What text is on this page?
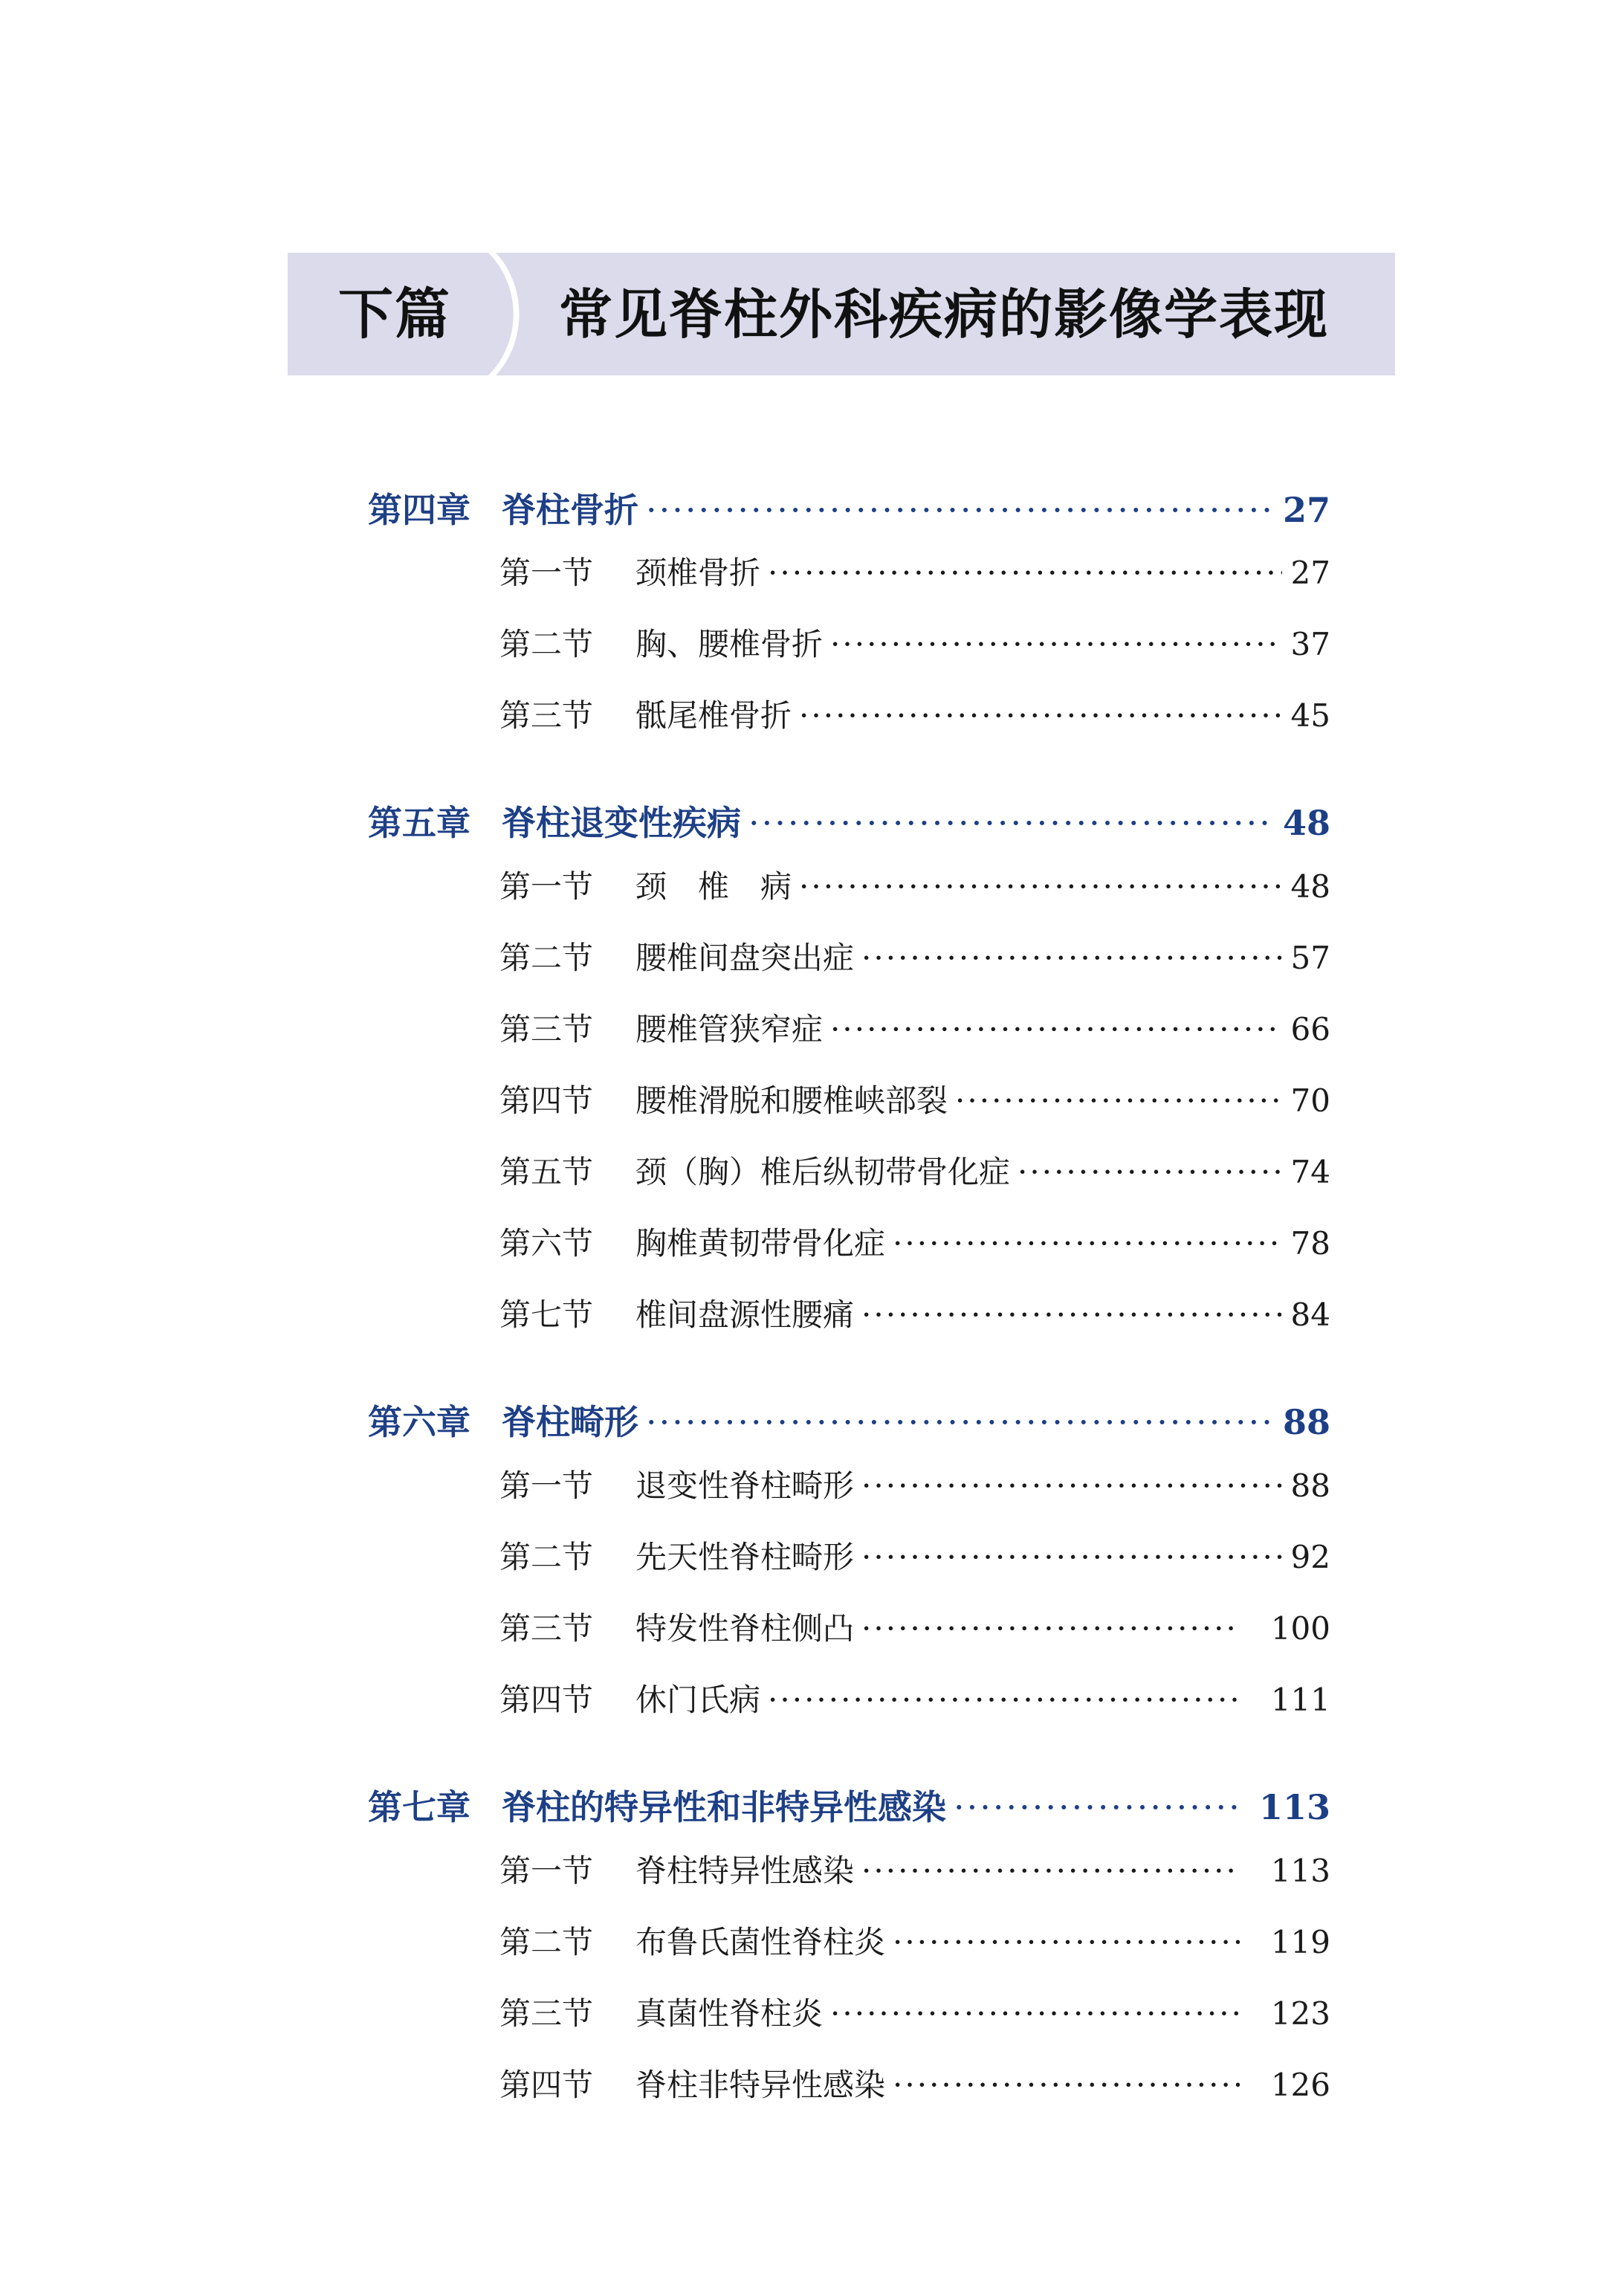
下篇 常见脊柱外科疾病的影像学表现
第四章 脊柱骨折 ·····	27
第一节	颈椎骨折 ·····	27
第二节	胸、腰椎骨折 ·····	37
第三节	骶尾椎骨折 ·····	45
第五章 脊柱退变性疾病 ·····	48
第一节	颈　椎　病 ·····	48
第二节	腰椎间盘突出症 ·····	57
第三节	腰椎管狭窄症 ·····	66
第四节	腰椎滑脱和腰椎峡部裂 ·····	70
第五节	颈（胸）椎后纵韧带骨化症 ·····	74
第六节	胸椎黄韧带骨化症 ·····	78
第七节	椎间盘源性腰痛 ·····	84
第六章 脊柱畸形 ·····	88
第一节	退变性脊柱畸形 ·····	88
第二节	先天性脊柱畸形 ·····	92
第三节	特发性脊柱侧凸 ·····	100
第四节	休门氏病 ·····	111
第七章 脊柱的特异性和非特异性感染 ·····	113
第一节	脊柱特异性感染 ·····	113
第二节	布鲁氏菌性脊柱炎 ·····	119
第三节	真菌性脊柱炎 ·····	123
第四节	脊柱非特异性感染 ·····	126
